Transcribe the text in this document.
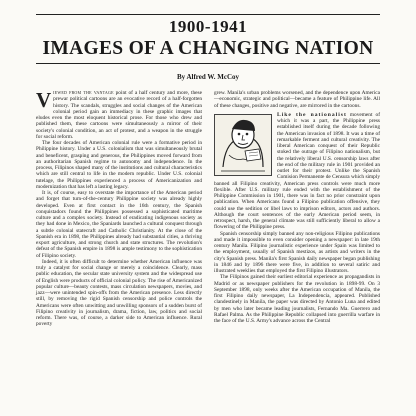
1900-1941
IMAGES OF A CHANGING NATION
By Alfred W. McCoy

Viewed from the vantage point of a half century and more, these prewar political cartoons are an evocative record of a half-forgotten history. The scandals, struggles and social changes of the American colonial period gain an immediacy in these graphic images that eludes even the most eloquent historical prose. For those who drew and published them, these cartoons were simultaneously a mirror of their society's colonial condition, an act of protest, and a weapon in the struggle for social reform.

The four decades of American colonial rule were a formative period in Philippine history. Under a U.S. colonialism that was simultaneously brutal and beneficent, grasping and generous, the Philippines moved forward from an authoritarian Spanish regime to autonomy and independence. In the process, Filipinos shaped many of the institutions and cultural characteristics which are still central to life in the modern republic. Under U.S. colonial tutelage, the Philippines experienced a process of Americanization and modernization that has left a lasting legacy.

It is, of course, easy to overstate the importance of the American period and forget that turn-of-the-century Philippine society was already highly developed. Even at first contact in the 16th century, the Spanish conquistadors found the Philippines possessed a sophisticated maritime culture and a complex society. Instead of eradicating indigenous society as they had done in Mexico, the Spaniards launched a cultural conquest through a subtle colonial statecraft and Catholic Christianity. At the close of the Spanish era in 1898, the Philippines already had substantial cities, a thriving export agriculture, and strong church and state structures. The revolution's defeat of the Spanish empire in 1898 is ample testimony to the sophistication of Filipino society.

Indeed, it is often difficult to determine whether American influence was truly a catalyst for social change or merely a coincidence. Clearly, mass public education, the secular state university system and the widespread use of English were products of official colonial policy. The rise of Americanized popular culture—beauty contests, mass circulation newspapers, movies, and jazz—were unintended spin-offs from the American presence. Less directly still, by removing the rigid Spanish censorship and police controls the Americans were often unwitting and unwilling sponsors of a sudden burst of Filipino creativity in journalism, drama, fiction, law, politics and social reform. There was, of course, a darker side to American influence. Rural poverty

grew. Manila's urban problems worsened, and the dependence upon America—economic, strategic and political—became a feature of Philippine life. All of these changes, positive and negative, are mirrored in the cartoons.

Like the nationalist movement of which it was a part, the Philippine press established itself during the decade following the American invasion of 1898. It was a time of remarkable ferment and cultural creativity. The liberal American conquest of their Republic stoked the outrage of Filipino nationalism, but the relatively liberal U.S. censorship laws after the end of the military rule in 1901 provided an outlet for their protest. Unlike the Spanish Comision Permanente de Censura which simply banned all Filipino creativity, American press controls were much more flexible. After U.S. military rule ended with the establishment of the Philippine Commission in 1901, there was in fact no prior constraint upon publication. When Americans found a Filipino publication offensive, they could use the sedition or libel laws to imprison editors, actors and authors. Although the court sentences of the early American period seem, in retrospect, harsh, the general climate was still sufficiently liberal to allow a flowering of the Philippine press.

Spanish censorship simply banned any non-religious Filipino publications and made it impossible to even consider opening a newspaper: in late 19th century Manila. Filipino journalistic experience under Spain was limited to the employment, usually of Spanish mestizos, as artists and writers in the city's Spanish press. Manila's first Spanish daily newspaper began publishing in 1846 and by 1896 there were five, in addition to several satiric and illustrated weeklies that employed the first Filipino illustrators.

The Filipinos gained their earliest editorial experience as propagandists in Madrid or as newspaper publishers for the revolution in 1898-99. On 3 September 1898, only weeks after the American occupation of Manila, the first Filipino daily newspaper, La Independencia, appeared. Published clandestinely in Manila, the paper was directed by Antonio Luna and edited by men who later became leading journalists, Fernando Ma. Guerrero and Rafael Palma. As the Philippine Republic collapsed into guerrilla warfare in the face of the U.S. Army's advance across the Central
